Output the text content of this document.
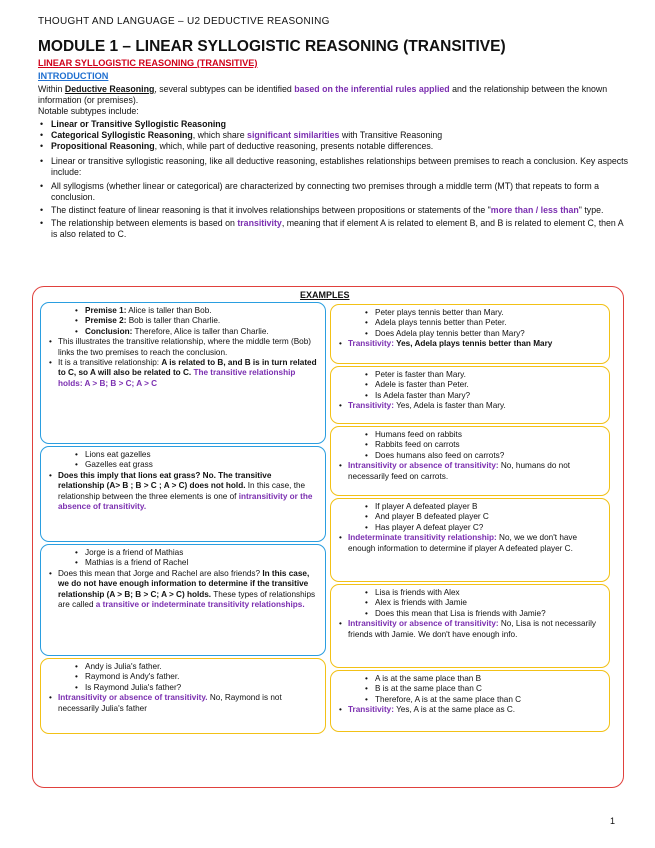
THOUGHT AND LANGUAGE – U2 DEDUCTIVE REASONING
MODULE 1 – LINEAR SYLLOGISTIC REASONING (TRANSITIVE)
LINEAR SYLLOGISTIC REASONING (TRANSITIVE)
INTRODUCTION

Within Deductive Reasoning, several subtypes can be identified based on the inferential rules applied and the relationship between the known information (or premises).

Notable subtypes include:

• Linear or Transitive Syllogistic Reasoning
• Categorical Syllogistic Reasoning, which share significant similarities with Transitive Reasoning
• Propositional Reasoning, which, while part of deductive reasoning, presents notable differences.
• Linear or transitive syllogistic reasoning, like all deductive reasoning, establishes relationships between premises to reach a conclusion. Key aspects include:
• All syllogisms (whether linear or categorical) are characterized by connecting two premises through a middle term (MT) that repeats to form a conclusion.
• The distinct feature of linear reasoning is that it involves relationships between propositions or statements of the "more than / less than" type.
• The relationship between elements is based on transitivity, meaning that if element A is related to element B, and B is related to element C, then A is also related to C.
EXAMPLES
• Premise 1: Alice is taller than Bob.
• Premise 2: Bob is taller than Charlie.
• Conclusion: Therefore, Alice is taller than Charlie.
• This illustrates the transitive relationship, where the middle term (Bob) links the two premises to reach the conclusion.
• It is a transitive relationship: A is related to B, and B is in turn related to C, so A will also be related to C. The transitive relationship holds: A > B; B > C; A > C
• Lions eat gazelles
• Gazelles eat grass
• Does this imply that lions eat grass? No. The transitive relationship (A> B ; B > C ; A > C) does not hold. In this case, the relationship between the three elements is one of intransitivity or the absence of transitivity.
• Jorge is a friend of Mathias
• Mathias is a friend of Rachel
• Does this mean that Jorge and Rachel are also friends? In this case, we do not have enough information to determine if the transitive relationship (A > B; B > C; A > C) holds. These types of relationships are called a transitive or indeterminate transitivity relationships.
• Andy is Julia's father.
• Raymond is Andy's father.
• Is Raymond Julia's father?
• Intransitivity or absence of transitivity. No, Raymond is not necessarily Julia's father
• Peter plays tennis better than Mary.
• Adela plays tennis better than Peter.
• Does Adela play tennis better than Mary?
• Transitivity: Yes, Adela plays tennis better than Mary
• Peter is faster than Mary.
• Adele is faster than Peter.
• Is Adela faster than Mary?
• Transitivity: Yes, Adela is faster than Mary.
• Humans feed on rabbits
• Rabbits feed on carrots
• Does humans also feed on carrots?
• Intransitivity or absence of transitivity: No, humans do not necessarily feed on carrots.
• If player A defeated player B
• And player B defeated player C
• Has player A defeat player C?
• Indeterminate transitivity relationship: No, we we don't have enough information to determine if player A defeated player C.
• Lisa is friends with Alex
• Alex is friends with Jamie
• Does this mean that Lisa is friends with Jamie?
• Intransitivity or absence of transitivity: No, Lisa is not necessarily friends with Jamie. We don't have enough info.
• A is at the same place than B
• B is at the same place than C
• Therefore, A is at the same place than C
• Transitivity: Yes, A is at the same place as C.
1
